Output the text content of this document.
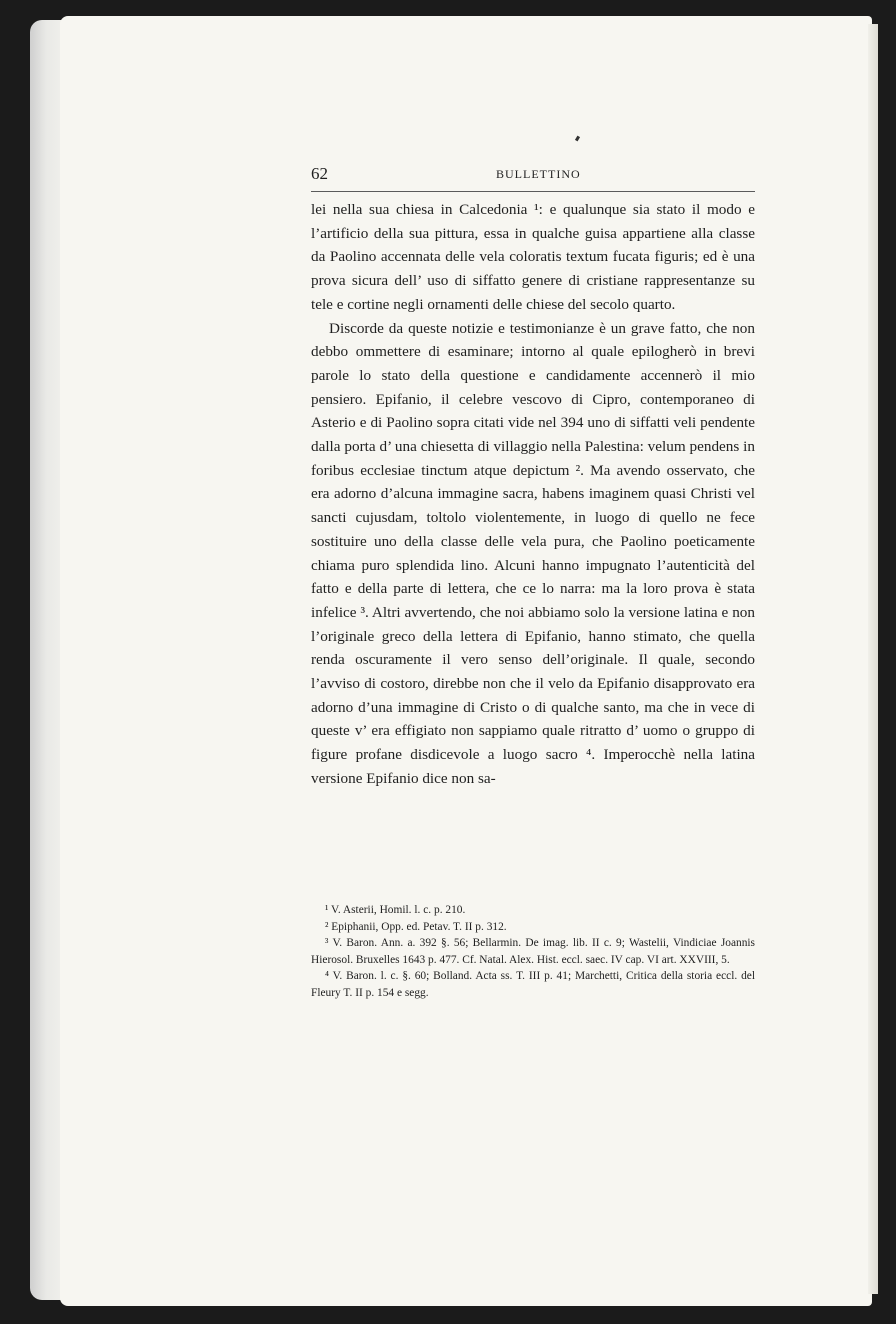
62	BULLETTINO

lei nella sua chiesa in Calcedonia ¹: e qualunque sia stato il modo e l’artificio della sua pittura, essa in qualche guisa appartiene alla classe da Paolino accennata delle vela coloratis textum fucata figuris; ed è una prova sicura dell’ uso di siffatto genere di cristiane rappresentanze su tele e cortine negli ornamenti delle chiese del secolo quarto.

Discorde da queste notizie e testimonianze è un grave fatto, che non debbo ommettere di esaminare; intorno al quale epilogherò in brevi parole lo stato della questione e candidamente accennerò il mio pensiero. Epifanio, il celebre vescovo di Cipro, contemporaneo di Asterio e di Paolino sopra citati vide nel 394 uno di siffatti veli pendente dalla porta d’ una chiesetta di villaggio nella Palestina: velum pendens in foribus ecclesiae tinctum atque depictum ². Ma avendo osservato, che era adorno d’alcuna immagine sacra, habens imaginem quasi Christi vel sancti cujusdam, toltolo violentemente, in luogo di quello ne fece sostituire uno della classe delle vela pura, che Paolino poeticamente chiama puro splendida lino. Alcuni hanno impugnato l’autenticità del fatto e della parte di lettera, che ce lo narra: ma la loro prova è stata infelice ³. Altri avvertendo, che noi abbiamo solo la versione latina e non l’originale greco della lettera di Epifanio, hanno stimato, che quella renda oscuramente il vero senso dell’originale. Il quale, secondo l’avviso di costoro, direbbe non che il velo da Epifanio disapprovato era adorno d’una immagine di Cristo o di qualche santo, ma che in vece di queste v’ era effigiato non sappiamo quale ritratto d’ uomo o gruppo di figure profane disdicevole a luogo sacro ⁴. Imperocchè nella latina versione Epifanio dice non sa-

¹ V. Asterii, Homil. l. c. p. 210.

² Epiphanii, Opp. ed. Petav. T. II p. 312.

³ V. Baron. Ann. a. 392 §. 56; Bellarmin. De imag. lib. II c. 9; Wastelii, Vindiciae Joannis Hierosol. Bruxelles 1643 p. 477. Cf. Natal. Alex. Hist. eccl. saec. IV cap. VI art. XXVIII, 5.

⁴ V. Baron. l. c. §. 60; Bolland. Acta ss. T. III p. 41; Marchetti, Critica della storia eccl. del Fleury T. II p. 154 e segg.
